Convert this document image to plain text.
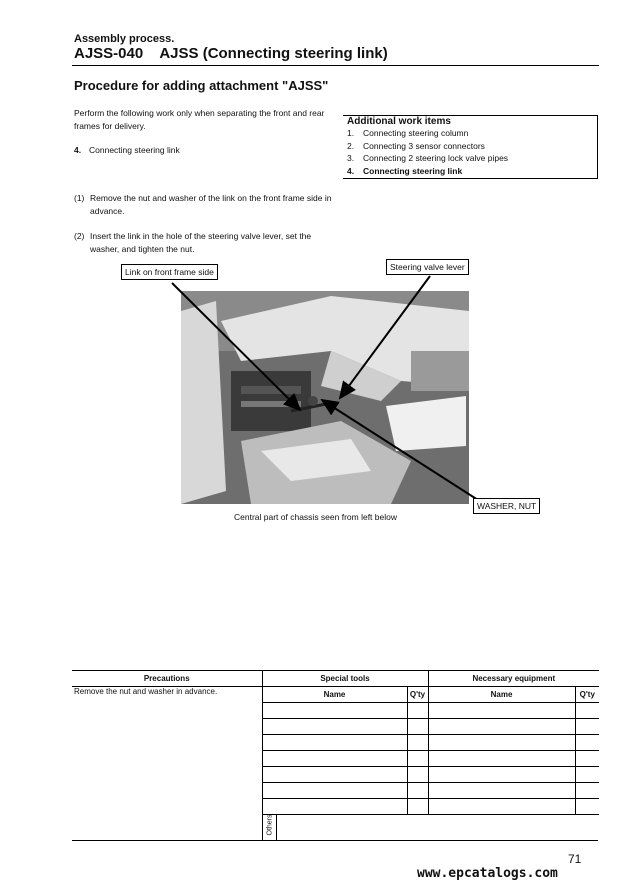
Assembly process.
AJSS-040 AJSS (Connecting steering link)
Procedure for adding attachment "AJSS"
Perform the following work only when separating the front and rear frames for delivery.
4. Connecting steering link
(1) Remove the nut and washer of the link on the front frame side in advance.
(2) Insert the link in the hole of the steering valve lever, set the washer, and tighten the nut.
Additional work items
1. Connecting steering column
2. Connecting 3 sensor connectors
3. Connecting 2 steering lock valve pipes
4. Connecting steering link
Link on front frame side	Steering valve lever
WASHER, NUT
Central part of chassis seen from left below
Precautions	Special tools			Necessary equipment	
Remove the nut and washer in advance.	Name		Q'ty	Name	Q'ty

	Others				

71
www.epcatalogs.com
